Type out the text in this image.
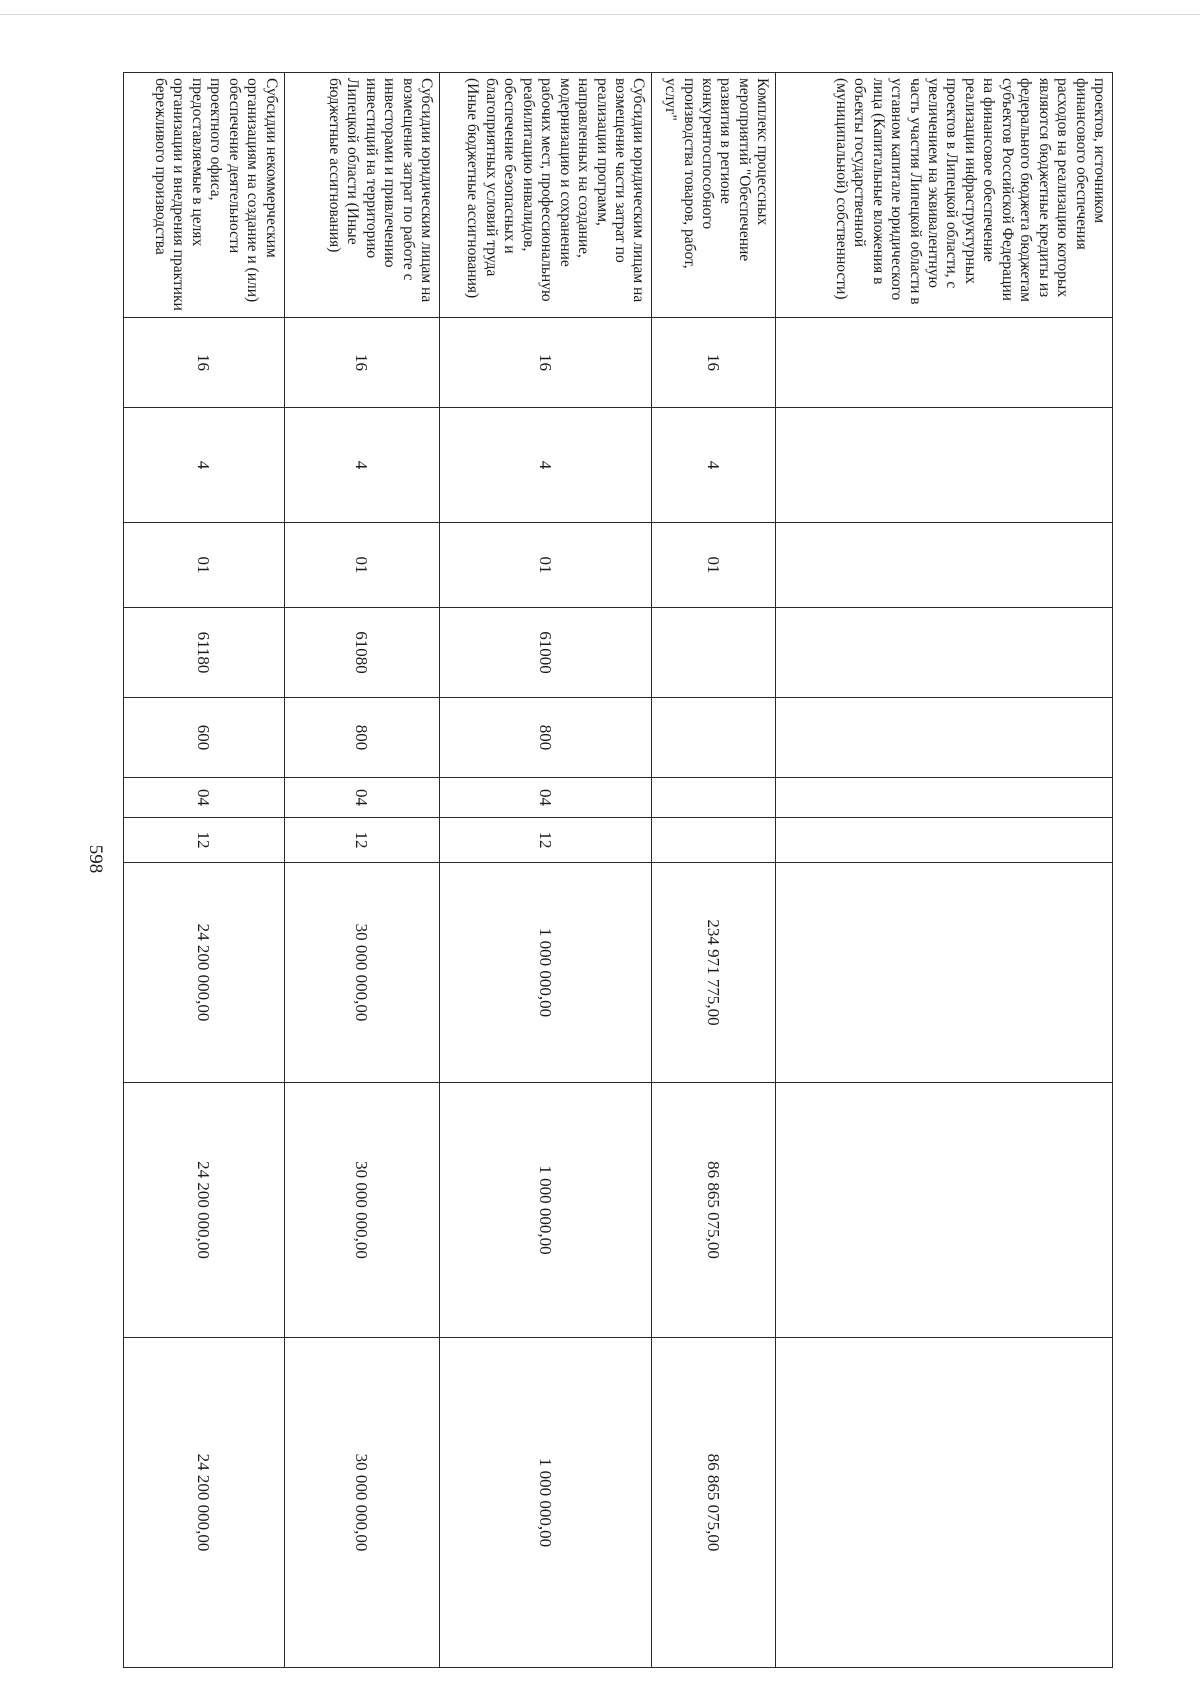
598
проектов, источником финансового обеспечения расходов на реализацию которых являются бюджетные кредиты из федерального бюджета бюджетам субъектов Российской Федерации на финансовое обеспечение реализации инфраструктурных проектов в Липецкой области, с увеличением на эквивалентную часть участия Липецкой области в уставном капитале юридического лица (Капитальные вложения в объекты государственной (муниципальной) собственности)										
Комплекс процессных мероприятий "Обеспечение развития в регионе конкурентоспособного производства товаров, работ, услуг"	16	4	01					234 971 775,00	86 865 075,00	86 865 075,00
Субсидии юридическим лицам на возмещение части затрат по реализации программ, направленных на создание, модернизацию и сохранение рабочих мест, профессиональную реабилитацию инвалидов, обеспечение безопасных и благоприятных условий труда (Иные бюджетные ассигнования)	16	4	01	61000	800	04	12	1 000 000,00	1 000 000,00	1 000 000,00
Субсидии юридическим лицам на возмещение затрат по работе с инвесторами и привлечению инвестиций на территорию Липецкой области (Иные бюджетные ассигнования)	16	4	01	61080	800	04	12	30 000 000,00	30 000 000,00	30 000 000,00
Субсидии некоммерческим организациям на создание и (или) обеспечение деятельности проектного офиса, предоставляемые в целях организации и внедрения практики бережливого производства	16	4	01	61180	600	04	12	24 200 000,00	24 200 000,00	24 200 000,00
